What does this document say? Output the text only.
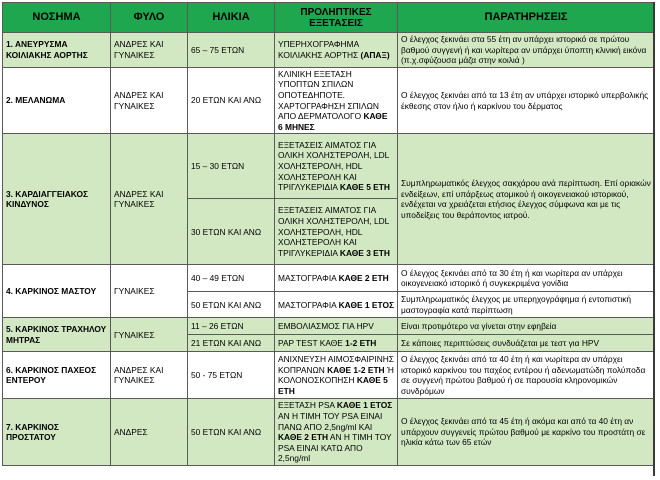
ΝΟΣΗΜΑ	ΦΥΛΟ	ΗΛΙΚΙΑ	ΠΡΟΛΗΠΤΙΚΕΣ ΕΞΕΤΑΣΕΙΣ	ΠΑΡΑΤΗΡΗΣΕΙΣ
1. ΑΝΕΥΡΥΣΜΑ ΚΟΙΛΙΑΚΗΣ ΑΟΡΤΗΣ	ΑΝΔΡΕΣ ΚΑΙ ΓΥΝΑΙΚΕΣ	65 – 75 ΕΤΩΝ	ΥΠΕΡΗΧΟΓΡΑΦΗΜΑ ΚΟΙΛΙΑΚΗΣ ΑΟΡΤΗΣ (ΑΠΑΞ)	Ο έλεγχος ξεκινάει στα 55 έτη αν υπάρχει ιστορικό σε πρώτου βαθμού συγγενή ή και νωρίτερα αν υπάρχει ύποπτη κλινική εικόνα (π.χ.σφύζουσα μάζα στην κοιλιά )
2. ΜΕΛΑΝΩΜΑ	ΑΝΔΡΕΣ ΚΑΙ ΓΥΝΑΙΚΕΣ	20 ΕΤΩΝ ΚΑΙ ΑΝΩ	ΚΛΙΝΙΚΗ ΕΞΕΤΑΣΗ ΥΠΟΠΤΩΝ ΣΠΙΛΩΝ ΟΠΟΤΕΔΗΠΟΤΕ. ΧΑΡΤΟΓΡΑΦΗΣΗ ΣΠΙΛΩΝ ΑΠΟ ΔΕΡΜΑΤΟΛΟΓΟ ΚΑΘΕ 6 ΜΗΝΕΣ	Ο έλεγχος ξεκινάει από τα 13 έτη αν υπάρχει ιστορικό υπερβολικής έκθεσης στον ήλιο ή καρκίνου του δέρματος
3. ΚΑΡΔΙΑΓΓΕΙΑΚΟΣ ΚΙΝΔΥΝΟΣ	ΑΝΔΡΕΣ ΚΑΙ ΓΥΝΑΙΚΕΣ	15 – 30 ΕΤΩΝ	ΕΞΕΤΑΣΕΙΣ ΑΙΜΑΤΟΣ ΓΙΑ ΟΛΙΚΗ ΧΟΛΗΣΤΕΡΟΛΗ, LDL ΧΟΛΗΣΤΕΡΟΛΗ, HDL ΧΟΛΗΣΤΕΡΟΛΗ ΚΑΙ ΤΡΙΓΛΥΚΕΡΙΔΙΑ ΚΑΘΕ 5 ΕΤΗ	Συμπληρωματικός έλεγχος σακχάρου ανά περίπτωση. Επί οριακών ενδείξεων, επί υπάρξεως ατομικού ή οικογενειακού ιστορικού, ενδέχεται να χρειάζεται ετήσιος έλεγχος σύμφωνα και με τις υποδείξεις του θεράποντος ιατρού.
		30 ΕΤΩΝ ΚΑΙ ΑΝΩ	ΕΞΕΤΑΣΕΙΣ ΑΙΜΑΤΟΣ ΓΙΑ ΟΛΙΚΗ ΧΟΛΗΣΤΕΡΟΛΗ, LDL ΧΟΛΗΣΤΕΡΟΛΗ, HDL ΧΟΛΗΣΤΕΡΟΛΗ ΚΑΙ ΤΡΙΓΛΥΚΕΡΙΔΙΑ ΚΑΘΕ 3 ΕΤΗ	
4. ΚΑΡΚΙΝΟΣ ΜΑΣΤΟΥ	ΓΥΝΑΙΚΕΣ	40 – 49 ΕΤΩΝ	ΜΑΣΤΟΓΡΑΦΙΑ ΚΑΘΕ 2 ΕΤΗ	Ο έλεγχος ξεκινάει από τα 30 έτη ή και νωρίτερα αν υπάρχει οικογενειακό ιστορικό ή συγκεκριμένα γονίδια
		50 ΕΤΩΝ ΚΑΙ ΑΝΩ	ΜΑΣΤΟΓΡΑΦΙΑ ΚΑΘΕ 1 ΕΤΟΣ	Συμπληρωματικός έλεγχος με υπερηχογράφημα ή εντοπιστική μαστογραφία κατά περίπτωση
5. ΚΑΡΚΙΝΟΣ ΤΡΑΧΗΛΟΥ ΜΗΤΡΑΣ	ΓΥΝΑΙΚΕΣ	11 – 26 ΕΤΩΝ	ΕΜΒΟΛΙΑΣΜΟΣ ΓΙΑ HPV	Είναι προτιμότερο να γίνεται στην εφηβεία
		21 ΕΤΩΝ ΚΑΙ ΑΝΩ	PAP TEST ΚΑΘΕ 1-2 ΕΤΗ	Σε κάποιες περιπτώσεις συνδυάζεται με τεστ για HPV
6. ΚΑΡΚΙΝΟΣ ΠΑΧΕΟΣ ΕΝΤΕΡΟΥ	ΑΝΔΡΕΣ ΚΑΙ ΓΥΝΑΙΚΕΣ	50 - 75 ΕΤΩΝ	ΑΝΙΧΝΕΥΣΗ ΑΙΜΟΣΦΑΙΡΙΝΗΣ ΚΟΠΡΑΝΩΝ ΚΑΘΕ 1-2 ΕΤΗ Ή ΚΟΛΟΝΟΣΚΟΠΗΣΗ ΚΑΘΕ 5 ΕΤΗ	Ο έλεγχος ξεκινάει από τα 40 έτη ή και νωρίτερα αν υπάρχει ιστορικό καρκίνου του παχέος εντέρου ή αδενωματώδη πολύποδα σε συγγενή πρώτου βαθμού ή σε παρουσία κληρονομικών συνδρόμων
7. ΚΑΡΚΙΝΟΣ ΠΡΟΣΤΑΤΟΥ	ΑΝΔΡΕΣ	50 ΕΤΩΝ ΚΑΙ ΑΝΩ	ΕΞΕΤΑΣΗ PSA ΚΑΘΕ 1 ΕΤΟΣ ΑΝ Η ΤΙΜΗ ΤΟΥ PSA ΕΙΝΑΙ ΠΑΝΩ ΑΠΟ 2,5ng/ml ΚΑΙ ΚΑΘΕ 2 ΕΤΗ ΑΝ Η ΤΙΜΗ ΤΟΥ PSA ΕΙΝΑΙ ΚΑΤΩ ΑΠΟ 2,5ng/ml	Ο έλεγχος ξεκινάει από τα 45 έτη ή ακόμα και από τα 40 έτη αν υπάρχουν συγγενείς πρώτου βαθμού με καρκίνο του προστάτη σε ηλικία κάτω των 65 ετών
